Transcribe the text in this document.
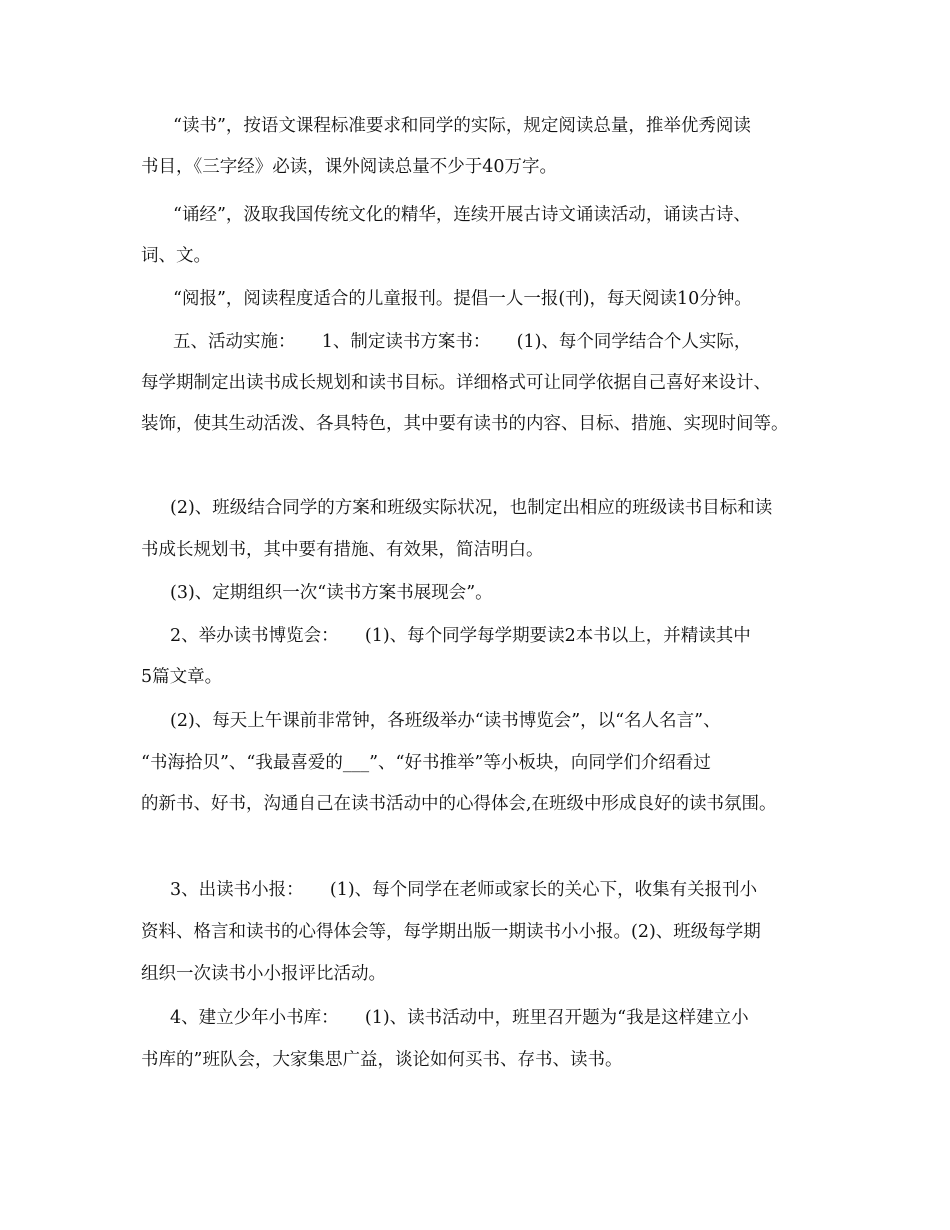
“读书”，按语文课程标准要求和同学的实际，规定阅读总量，推举优秀阅读
书目，《三字经》必读，课外阅读总量不少于40万字。
“诵经”，汲取我国传统文化的精华，连续开展古诗文诵读活动，诵读古诗、
词、文。
“阅报”，阅读程度适合的儿童报刊。提倡一人一报(刊)，每天阅读10分钟。
五、活动实施：　　1、制定读书方案书：　　(1)、每个同学结合个人实际，
每学期制定出读书成长规划和读书目标。详细格式可让同学依据自己喜好来设计、
装饰，使其生动活泼、各具特色，其中要有读书的内容、目标、措施、实现时间等。
(2)、班级结合同学的方案和班级实际状况，也制定出相应的班级读书目标和读
书成长规划书，其中要有措施、有效果，简洁明白。
(3)、定期组织一次“读书方案书展现会”。
2、举办读书博览会：　　(1)、每个同学每学期要读2本书以上，并精读其中
5篇文章。
(2)、每天上午课前非常钟，各班级举办“读书博览会”，以“名人名言”、
“书海拾贝”、“我最喜爱的___”、“好书推举”等小板块，向同学们介绍看过
的新书、好书，沟通自己在读书活动中的心得体会,在班级中形成良好的读书氛围。
3、出读书小报：　　(1)、每个同学在老师或家长的关心下，收集有关报刊小
资料、格言和读书的心得体会等，每学期出版一期读书小小报。(2)、班级每学期
组织一次读书小小报评比活动。
4、建立少年小书库：　　(1)、读书活动中，班里召开题为“我是这样建立小
书库的”班队会，大家集思广益，谈论如何买书、存书、读书。
